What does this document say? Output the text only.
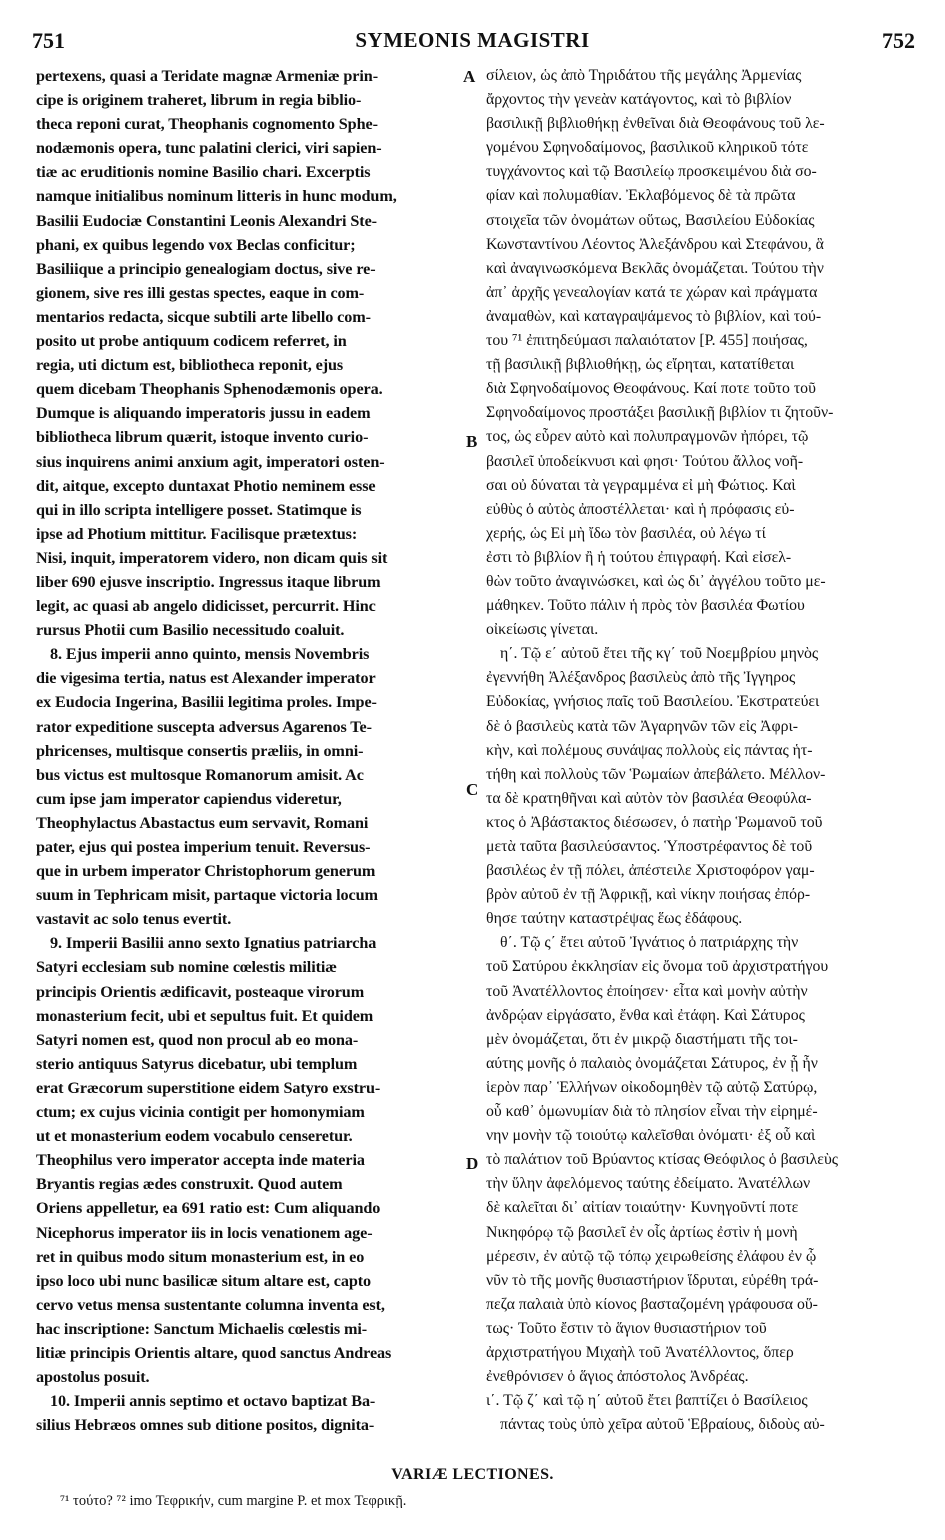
751	SYMEONIS MAGISTRI	752
A
B
C
D
pertexens, quasi a Teridate magnæ Armeniæ prin-
cipe is originem traheret, librum in regia biblio-
theca reponi curat, Theophanis cognomento Sphe-
nodæmonis opera, tunc palatini clerici, viri sapien-
tiæ ac eruditionis nomine Basilio chari. Excerptis
namque initialibus nominum litteris in hunc modum,
Basilii Eudociæ Constantini Leonis Alexandri Ste-
phani, ex quibus legendo vox Beclas conficitur;
Basiliique a principio genealogiam doctus, sive re-
gionem, sive res illi gestas spectes, eaque in com-
mentarios redacta, sicque subtili arte libello com-
posito ut probe antiquum codicem referret, in
regia, uti dictum est, bibliotheca reponit, ejus
quem dicebam Theophanis Sphenodæmonis opera.
Dumque is aliquando imperatoris jussu in eadem
bibliotheca librum quærit, istoque invento curio-
sius inquirens animi anxium agit, imperatori osten-
dit, aitque, excepto duntaxat Photio neminem esse
qui in illo scripta intelligere posset. Statimque is
ipse ad Photium mittitur. Facilisque prætextus:
Nisi, inquit, imperatorem videro, non dicam quis sit
liber 690 ejusve inscriptio. Ingressus itaque librum
legit, ac quasi ab angelo didicisset, percurrit. Hinc
rursus Photii cum Basilio necessitudo coaluit.
8. Ejus imperii anno quinto, mensis Novembris
die vigesima tertia, natus est Alexander imperator
ex Eudocia Ingerina, Basilii legitima proles. Impe-
rator expeditione suscepta adversus Agarenos Te-
phricenses, multisque consertis præliis, in omni-
bus victus est multosque Romanorum amisit. Ac
cum ipse jam imperator capiendus videretur,
Theophylactus Abastactus eum servavit, Romani
pater, ejus qui postea imperium tenuit. Reversus-
que in urbem imperator Christophorum generum
suum in Tephricam misit, partaque victoria locum
vastavit ac solo tenus evertit.
9. Imperii Basilii anno sexto Ignatius patriarcha
Satyri ecclesiam sub nomine cœlestis militiæ
principis Orientis ædificavit, posteaque virorum
monasterium fecit, ubi et sepultus fuit. Et quidem
Satyri nomen est, quod non procul ab eo mona-
sterio antiquus Satyrus dicebatur, ubi templum
erat Græcorum superstitione eidem Satyro exstru-
ctum; ex cujus vicinia contigit per homonymiam
ut et monasterium eodem vocabulo censeretur.
Theophilus vero imperator accepta inde materia
Bryantis regias ædes construxit. Quod autem
Oriens appelletur, ea 691 ratio est: Cum aliquando
Nicephorus imperator iis in locis venationem age-
ret in quibus modo situm monasterium est, in eo
ipso loco ubi nunc basilicæ situm altare est, capto
cervo vetus mensa sustentante columna inventa est,
hac inscriptione: Sanctum Michaelis cœlestis mi-
litiæ principis Orientis altare, quod sanctus Andreas
apostolus posuit.
10. Imperii annis septimo et octavo baptizat Ba-
silius Hebræos omnes sub ditione positos, dignita-
σίλειον, ὡς ἀπὸ Τηριδάτου τῆς μεγάλης Ἀρμενίας
ἄρχοντος τὴν γενεὰν κατάγοντος, καὶ τὸ βιβλίον
βασιλικῇ βιβλιοθήκῃ ἐνθεῖναι διὰ Θεοφάνους τοῦ λε-
γομένου Σφηνοδαίμονος, βασιλικοῦ κληρικοῦ τότε
τυγχάνοντος καὶ τῷ Βασιλείῳ προσκειμένου διὰ σο-
φίαν καὶ πολυμαθίαν. Ἐκλαβόμενος δὲ τὰ πρῶτα
στοιχεῖα τῶν ὀνομάτων οὕτως, Βασιλείου Εὐδοκίας
Κωνσταντίνου Λέοντος Ἀλεξάνδρου καὶ Στεφάνου, ἃ
καὶ ἀναγινωσκόμενα Βεκλᾶς ὀνομάζεται. Τούτου τὴν
ἀπ᾽ ἀρχῆς γενεαλογίαν κατά τε χώραν καὶ πράγματα
ἀναμαθὼν, καὶ καταγραψάμενος τὸ βιβλίον, καὶ τού-
του ⁷¹ ἐπιτηδεύμασι παλαιότατον [P. 455] ποιήσας,
τῇ βασιλικῇ βιβλιοθήκῃ, ὡς εἴρηται, κατατίθεται
διὰ Σφηνοδαίμονος Θεοφάνους. Καί ποτε τοῦτο τοῦ
Σφηνοδαίμονος προστάξει βασιλικῇ βιβλίον τι ζητοῦν-
τος, ὡς εὗρεν αὐτὸ καὶ πολυπραγμονῶν ἠπόρει, τῷ
βασιλεῖ ὑποδείκνυσι καὶ φησι· Τούτου ἄλλος νοῆ-
σαι οὐ δύναται τὰ γεγραμμένα εἰ μὴ Φώτιος. Καὶ
εὐθὺς ὁ αὐτὸς ἀποστέλλεται· καὶ ἡ πρόφασις εὐ-
χερής, ὡς Εἰ μὴ ἴδω τὸν βασιλέα, οὐ λέγω τί
ἐστι τὸ βιβλίον ἢ ἡ τούτου ἐπιγραφή. Καὶ εἰσελ-
θὼν τοῦτο ἀναγινώσκει, καὶ ὡς δι᾽ ἀγγέλου τοῦτο με-
μάθηκεν. Τοῦτο πάλιν ἡ πρὸς τὸν βασιλέα Φωτίου
οἰκείωσις γίνεται.
η΄. Τῷ ε΄ αὐτοῦ ἔτει τῆς κγ΄ τοῦ Νοεμβρίου μηνὸς
ἐγεννήθη Ἀλέξανδρος βασιλεὺς ἀπὸ τῆς Ἰγγηρος
Εὐδοκίας, γνήσιος παῖς τοῦ Βασιλείου. Ἐκστρατεύει
δὲ ὁ βασιλεὺς κατὰ τῶν Ἀγαρηνῶν τῶν εἰς Ἀφρι-
κὴν, καὶ πολέμους συνάψας πολλοὺς εἰς πάντας ἡτ-
τήθη καὶ πολλοὺς τῶν Ῥωμαίων ἀπεβάλετο. Μέλλον-
τα δὲ κρατηθῆναι καὶ αὐτὸν τὸν βασιλέα Θεοφύλα-
κτος ὁ Ἀβάστακτος διέσωσεν, ὁ πατὴρ Ῥωμανοῦ τοῦ
μετὰ ταῦτα βασιλεύσαντος. Ὑποστρέφαντος δὲ τοῦ
βασιλέως ἐν τῇ πόλει, ἀπέστειλε Χριστοφόρον γαμ-
βρὸν αὐτοῦ ἐν τῇ Ἀφρικῇ, καὶ νίκην ποιήσας ἐπόρ-
θησε ταύτην καταστρέψας ἕως ἐδάφους.
θ΄. Τῷ ς΄ ἔτει αὐτοῦ Ἰγνάτιος ὁ πατριάρχης τὴν
τοῦ Σατύρου ἐκκλησίαν εἰς ὄνομα τοῦ ἀρχιστρατήγου
τοῦ Ἀνατέλλοντος ἐποίησεν· εἶτα καὶ μονὴν αὐτὴν
ἀνδρῴαν εἰργάσατο, ἔνθα καὶ ἐτάφη. Καὶ Σάτυρος
μὲν ὀνομάζεται, ὅτι ἐν μικρῷ διαστήματι τῆς τοι-
αύτης μονῆς ὁ παλαιὸς ὀνομάζεται Σάτυρος, ἐν ᾗ ἦν
ἱερὸν παρ᾽ Ἑλλήνων οἰκοδομηθὲν τῷ αὐτῷ Σατύρῳ,
οὗ καθ᾽ ὁμωνυμίαν διὰ τὸ πλησίον εἶναι τὴν εἰρημέ-
νην μονὴν τῷ τοιούτῳ καλεῖσθαι ὀνόματι· ἐξ οὗ καὶ
τὸ παλάτιον τοῦ Βρύαντος κτίσας Θεόφιλος ὁ βασιλεὺς
τὴν ὕλην ἀφελόμενος ταύτης ἐδείματο. Ἀνατέλλων
δὲ καλεῖται δι᾽ αἰτίαν τοιαύτην· Κυνηγοῦντί ποτε
Νικηφόρῳ τῷ βασιλεῖ ἐν οἷς ἀρτίως ἐστὶν ἡ μονὴ
μέρεσιν, ἐν αὐτῷ τῷ τόπῳ χειρωθείσης ἐλάφου ἐν ᾧ
νῦν τὸ τῆς μονῆς θυσιαστήριον ἵδρυται, εὑρέθη τρά-
πεζα παλαιὰ ὑπὸ κίονος βασταζομένη γράφουσα οὕ-
τως· Τοῦτο ἔστιν τὸ ἅγιον θυσιαστήριον τοῦ
ἀρχιστρατήγου Μιχαὴλ τοῦ Ἀνατέλλοντος, ὅπερ
ἐνεθρόνισεν ὁ ἅγιος ἀπόστολος Ἀνδρέας.
ι΄. Τῷ ζ΄ καὶ τῷ η΄ αὐτοῦ ἔτει βαπτίζει ὁ Βασίλειος
πάντας τοὺς ὑπὸ χεῖρα αὐτοῦ Ἑβραίους, διδοὺς αὐ-
VARIÆ LECTIONES.
⁷¹ τούτο? ⁷² imo Τεφρικήν, cum margine P. et mox Τεφρικῇ.
